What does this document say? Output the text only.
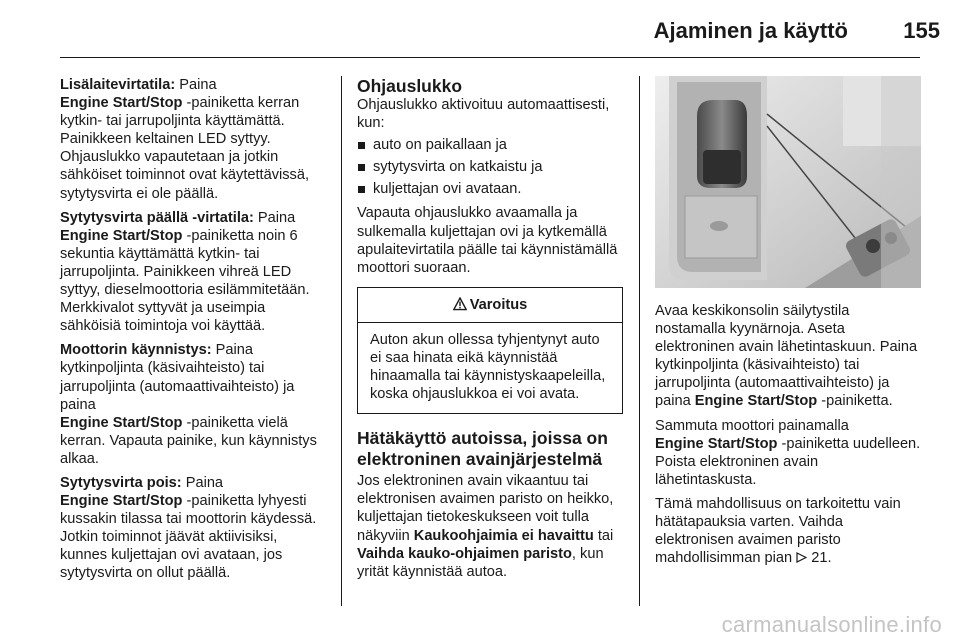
Ajaminen ja käyttö	155

Lisälaitevirtatila: Paina
Engine Start/Stop -painiketta kerran kytkin- tai jarrupoljinta käyttämättä. Painikkeen keltainen LED syttyy. Ohjauslukko vapautetaan ja jotkin sähköiset toiminnot ovat käytettävissä, sytytysvirta ei ole päällä.

Sytytysvirta päällä -virtatila: Paina
Engine Start/Stop -painiketta noin 6 sekuntia käyttämättä kytkin- tai jarrupoljinta. Painikkeen vihreä LED syttyy, dieselmoottoria esilämmitetään. Merkkivalot syttyvät ja useimpia sähköisiä toimintoja voi käyttää.

Moottorin käynnistys: Paina kytkinpoljinta (käsivaihteisto) tai jarrupoljinta (automaattivaihteisto) ja paina
Engine Start/Stop -painiketta vielä kerran. Vapauta painike, kun käynnistys alkaa.

Sytytysvirta pois: Paina
Engine Start/Stop -painiketta lyhyesti kussakin tilassa tai moottorin käydessä. Jotkin toiminnot jäävät aktiivisiksi, kunnes kuljettajan ovi avataan, jos sytytysvirta on ollut päällä.

Ohjauslukko

Ohjauslukko aktivoituu automaattisesti, kun:

auto on paikallaan ja
sytytysvirta on katkaistu ja
kuljettajan ovi avataan.

Vapauta ohjauslukko avaamalla ja sulkemalla kuljettajan ovi ja kytkemällä apulaitevirtatila päälle tai käynnistämällä moottori suoraan.

Varoitus
Auton akun ollessa tyhjentynyt auto ei saa hinata eikä käynnistää hinaamalla tai käynnistyskaapeleilla, koska ohjauslukkoa ei voi avata.
Hätäkäyttö autoissa, joissa on elektroninen avainjärjestelmä

Jos elektroninen avain vikaantuu tai elektronisen avaimen paristo on heikko, kuljettajan tietokeskukseen voit tulla näkyviin Kaukoohjaimia ei havaittu tai Vaihda kauko-ohjaimen paristo, kun yrität käynnistää autoa.

Avaa keskikonsolin säilytystila nostamalla kyynärnoja. Aseta elektroninen avain lähetintaskuun. Paina kytkinpoljinta (käsivaihteisto) tai jarrupoljinta (automaattivaihteisto) ja paina Engine Start/Stop -painiketta.

Sammuta moottori painamalla
Engine Start/Stop -painiketta uudelleen. Poista elektroninen avain lähetintaskusta.

Tämä mahdollisuus on tarkoitettu vain hätätapauksia varten. Vaihda elektronisen avaimen paristo mahdollisimman pian  21.

carmanualsonline.info
